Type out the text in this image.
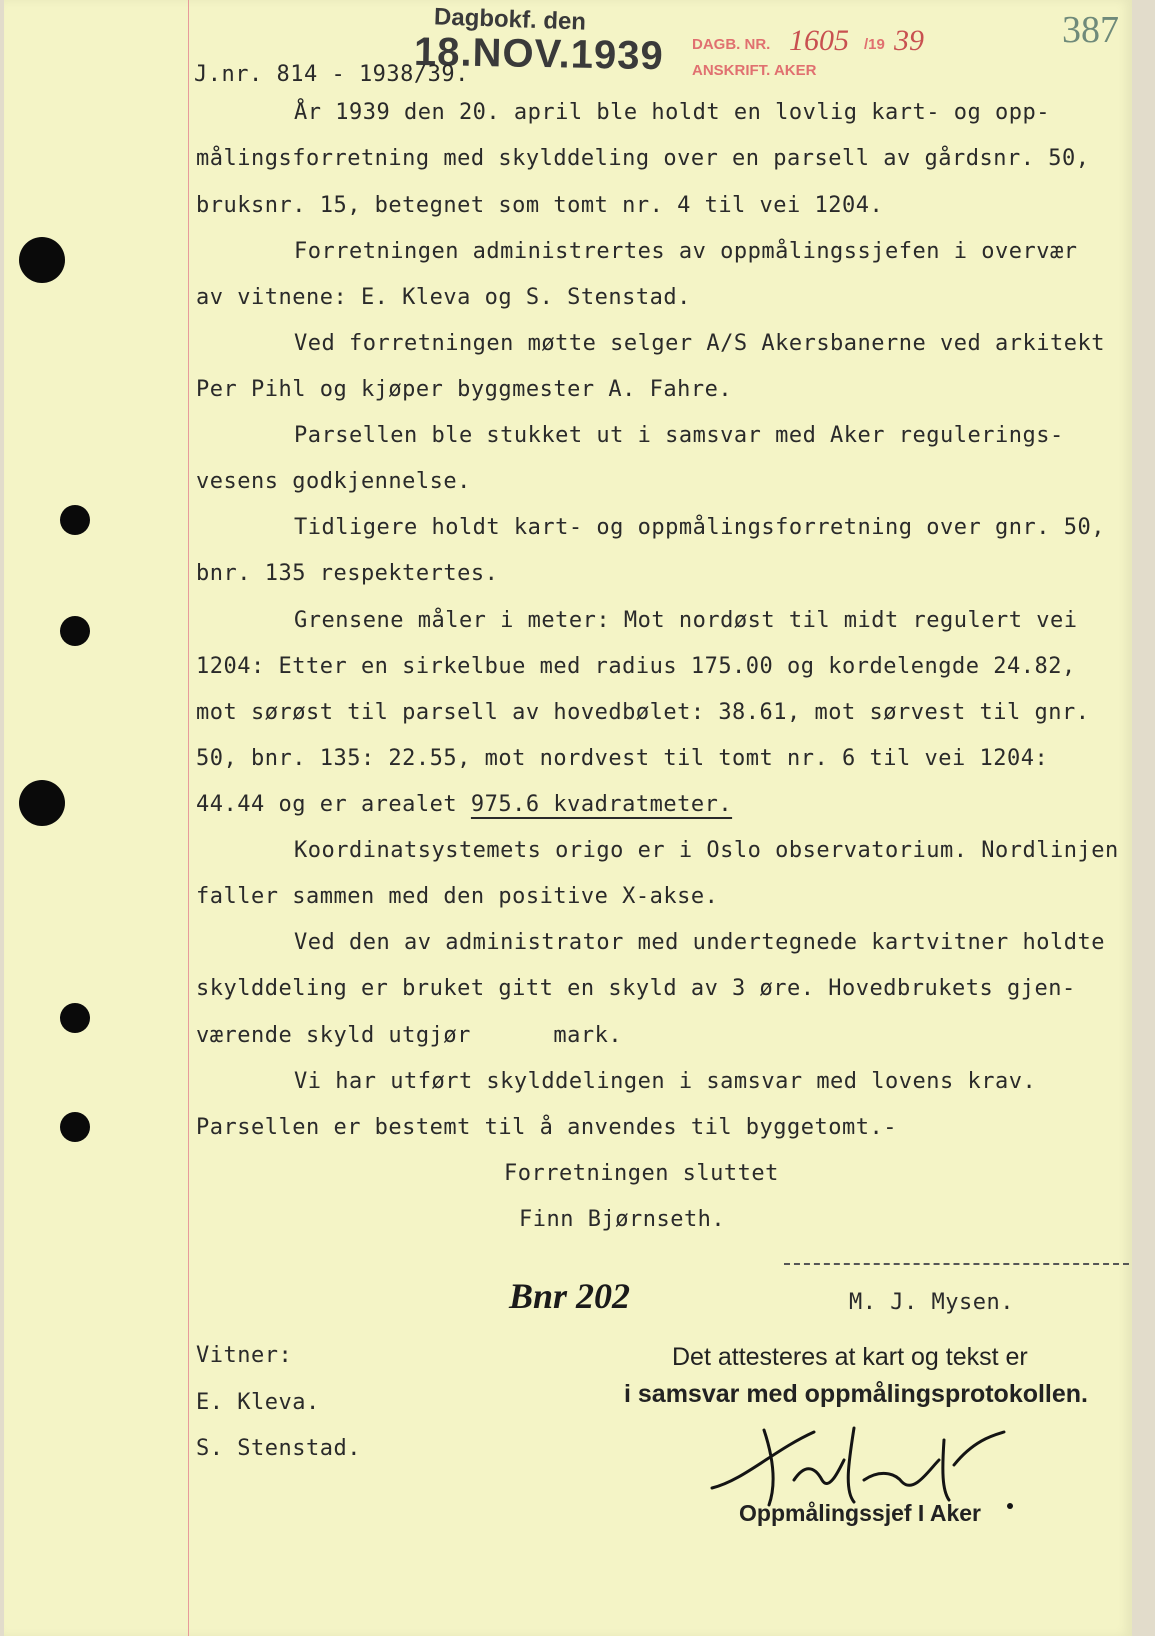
Dagbokf. den
18.NOV.1939 DAGB. NR. 1605 /19 39
ANSKRIFT. AKER
387

J.nr. 814 - 1938/39.

År 1939 den 20. april ble holdt en lovlig kart- og opp-

målingsforretning med skylddeling over en parsell av gårdsnr. 50,

bruksnr. 15, betegnet som tomt nr. 4 til vei 1204.

Forretningen administrertes av oppmålingssjefen i overvær

av vitnene: E. Kleva og S. Stenstad.

Ved forretningen møtte selger A/S Akersbanerne ved arkitekt

Per Pihl og kjøper byggmester A. Fahre.

Parsellen ble stukket ut i samsvar med Aker regulerings-

vesens godkjennelse.

Tidligere holdt kart- og oppmålingsforretning over gnr. 50,

bnr. 135 respektertes.

Grensene måler i meter: Mot nordøst til midt regulert vei

1204: Etter en sirkelbue med radius 175.00 og kordelengde 24.82,

mot sørøst til parsell av hovedbølet: 38.61, mot sørvest til gnr.

50, bnr. 135: 22.55, mot nordvest til tomt nr. 6 til vei 1204:

44.44 og er arealet 975.6 kvadratmeter.

Koordinatsystemets origo er i Oslo observatorium. Nordlinjen

faller sammen med den positive X-akse.

Ved den av administrator med undertegnede kartvitner holdte

skylddeling er bruket gitt en skyld av 3 øre. Hovedbrukets gjen-

værende skyld utgjør      mark.

Vi har utført skylddelingen i samsvar med lovens krav.

Parsellen er bestemt til å anvendes til byggetomt.-

Forretningen sluttet

Finn Bjørnseth.

Bnr 202	M. J. Mysen.

Vitner:

E. Kleva.

S. Stenstad.

Det attesteres at kart og tekst er
i samsvar med oppmålingsprotokollen.
Oppmålingssjef I Aker
